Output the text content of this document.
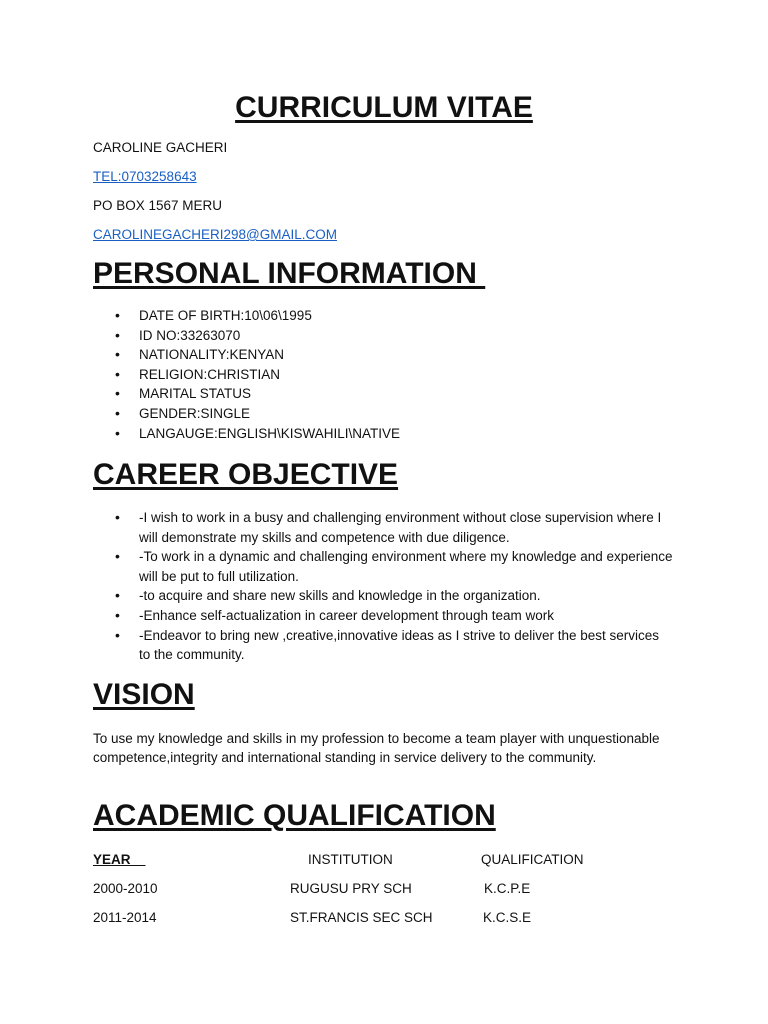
CURRICULUM VITAE

CAROLINE GACHERI

TEL:0703258643

PO BOX 1567 MERU

CAROLINEGACHERI298@GMAIL.COM

PERSONAL INFORMATION
• DATE OF BIRTH:10\06\1995
• ID NO:33263070
• NATIONALITY:KENYAN
• RELIGION:CHRISTIAN
• MARITAL STATUS
• GENDER:SINGLE
• LANGAUGE:ENGLISH\KISWAHILI\NATIVE
CAREER OBJECTIVE
• -I wish to work in a busy and challenging environment without close supervision where I will demonstrate my skills and competence with due diligence.
• -To work in a dynamic and challenging environment where my knowledge and experience will be put to full utilization.
• -to acquire and share new skills and knowledge in the organization.
• -Enhance self-actualization in career development through team work
• -Endeavor to bring new ,creative,innovative ideas as I strive to deliver the best services to the community.
VISION

To use my knowledge and skills in my profession to become a team player with unquestionable competence,integrity and international standing in service delivery to the community.

ACADEMIC QUALIFICATION

YEAR	INSTITUTION	QUALIFICATION

2000-2010	RUGUSU PRY SCH	K.C.P.E

2011-2014	ST.FRANCIS SEC SCH	K.C.S.E
